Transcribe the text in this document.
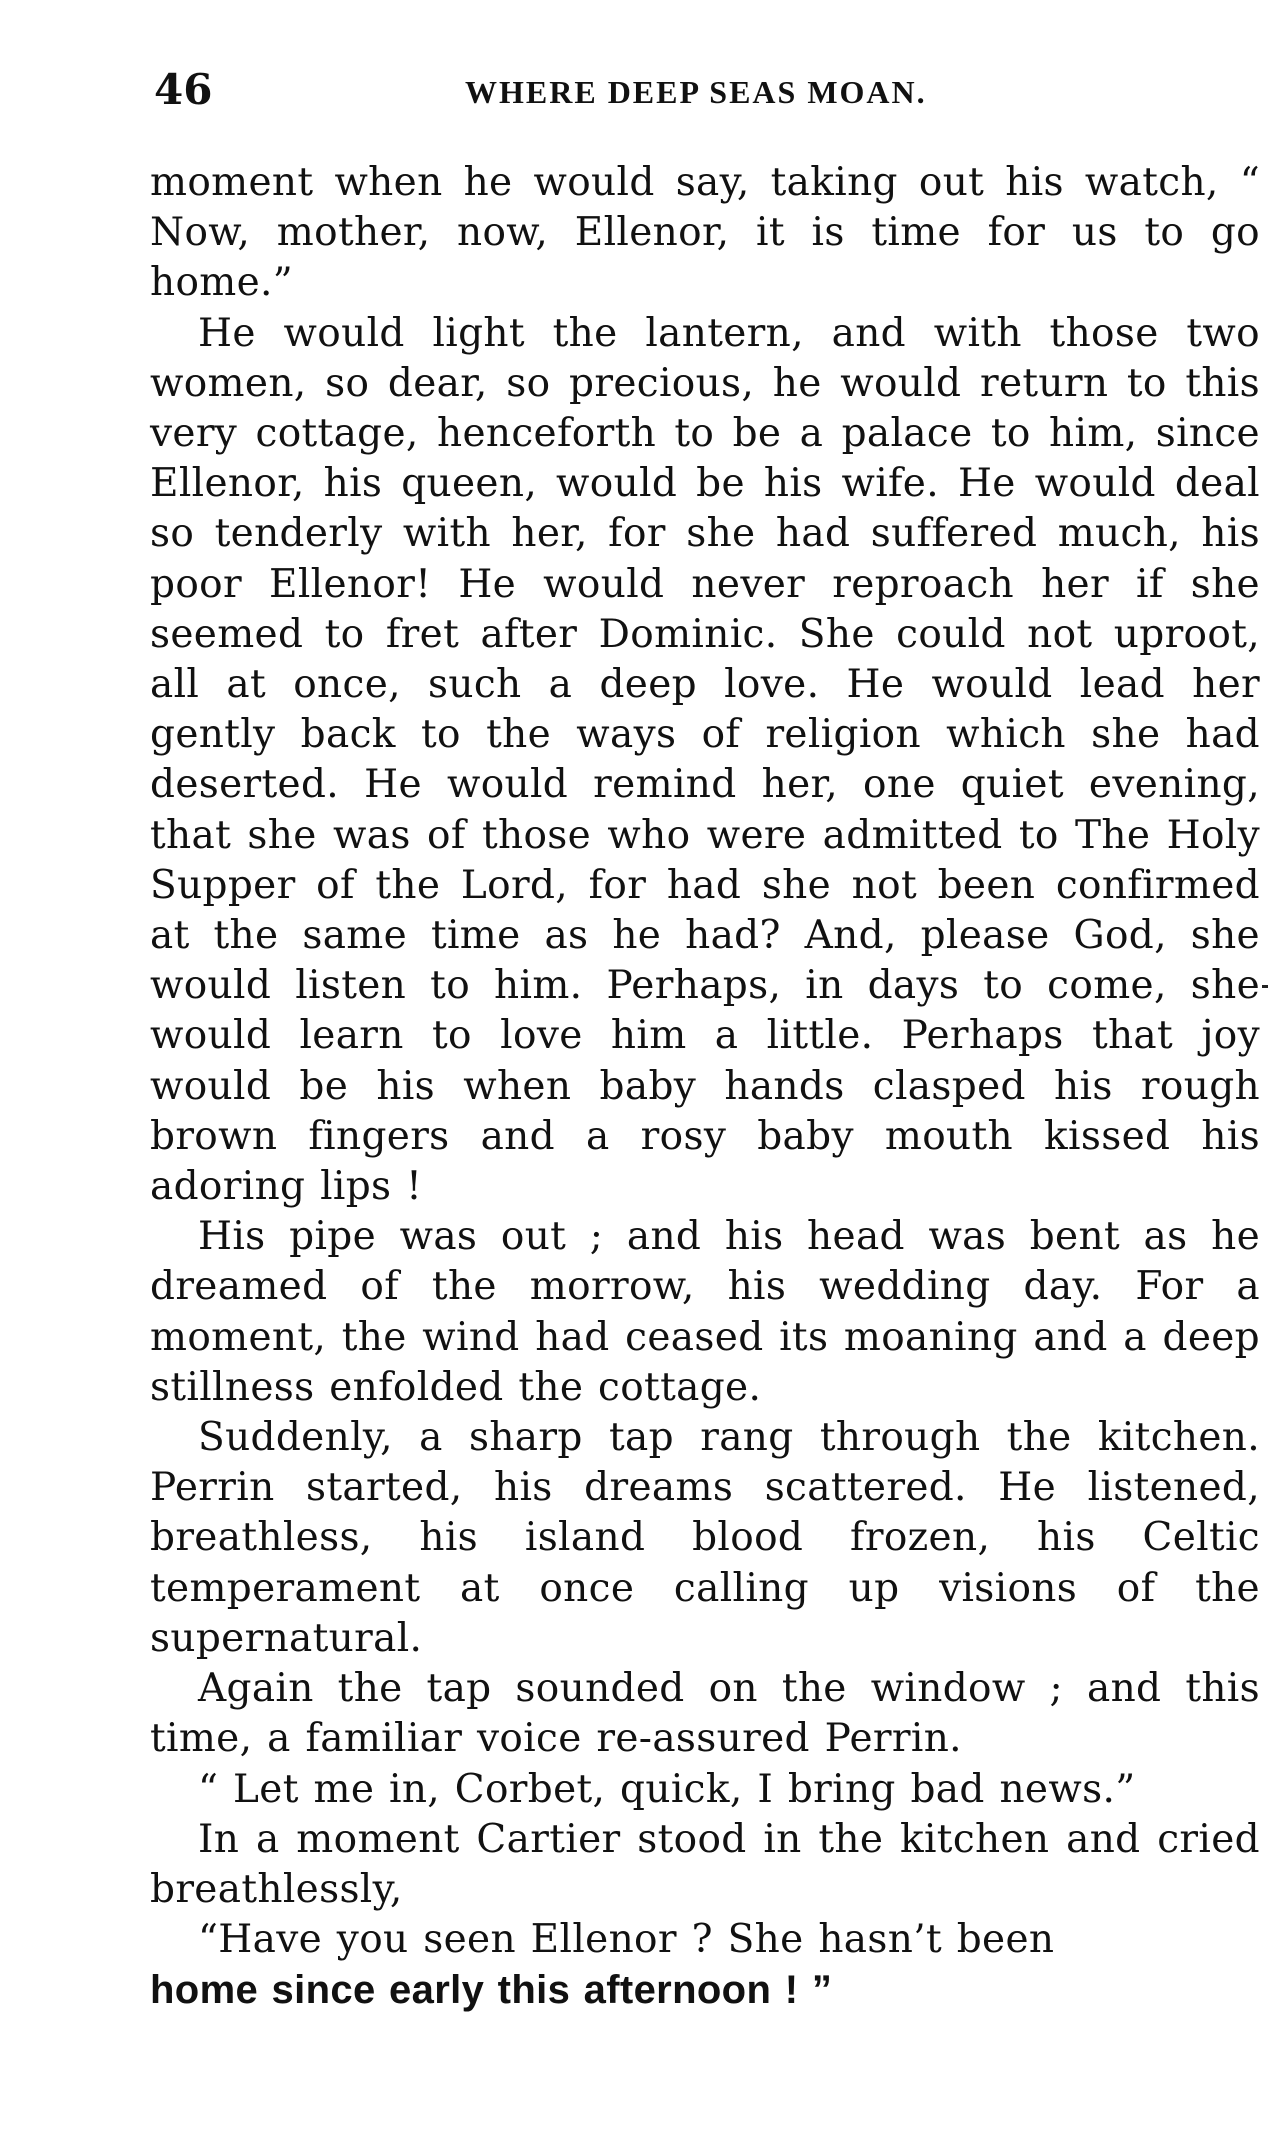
46	WHERE DEEP SEAS MOAN.

moment when he would say, taking out his watch, “ Now, mother, now, Ellenor, it is time for us to go home.”

He would light the lantern, and with those two women, so dear, so precious, he would return to this very cottage, henceforth to be a palace to him, since Ellenor, his queen, would be his wife. He would deal so tenderly with her, for she had suffered much, his poor Ellenor! He would never reproach her if she seemed to fret after Dominic. She could not uproot, all at once, such a deep love. He would lead her gently back to the ways of religion which she had deserted. He would remind her, one quiet evening, that she was of those who were admitted to The Holy Supper of the Lord, for had she not been confirmed at the same time as he had? And, please God, she would listen to him. Perhaps, in days to come, she would learn to love him a little. Perhaps that joy would be his when baby hands clasped his rough brown fingers and a rosy baby mouth kissed his adoring lips !

His pipe was out ; and his head was bent as he dreamed of the morrow, his wedding day. For a moment, the wind had ceased its moaning and a deep stillness enfolded the cottage.

Suddenly, a sharp tap rang through the kitchen. Perrin started, his dreams scattered. He listened, breathless, his island blood frozen, his Celtic temperament at once calling up visions of the supernatural.

Again the tap sounded on the window ; and this time, a familiar voice re-assured Perrin.

“ Let me in, Corbet, quick, I bring bad news.”

In a moment Cartier stood in the kitchen and cried breathlessly,

“Have you seen Ellenor ? She hasn’t been
home since early this afternoon ! ”
